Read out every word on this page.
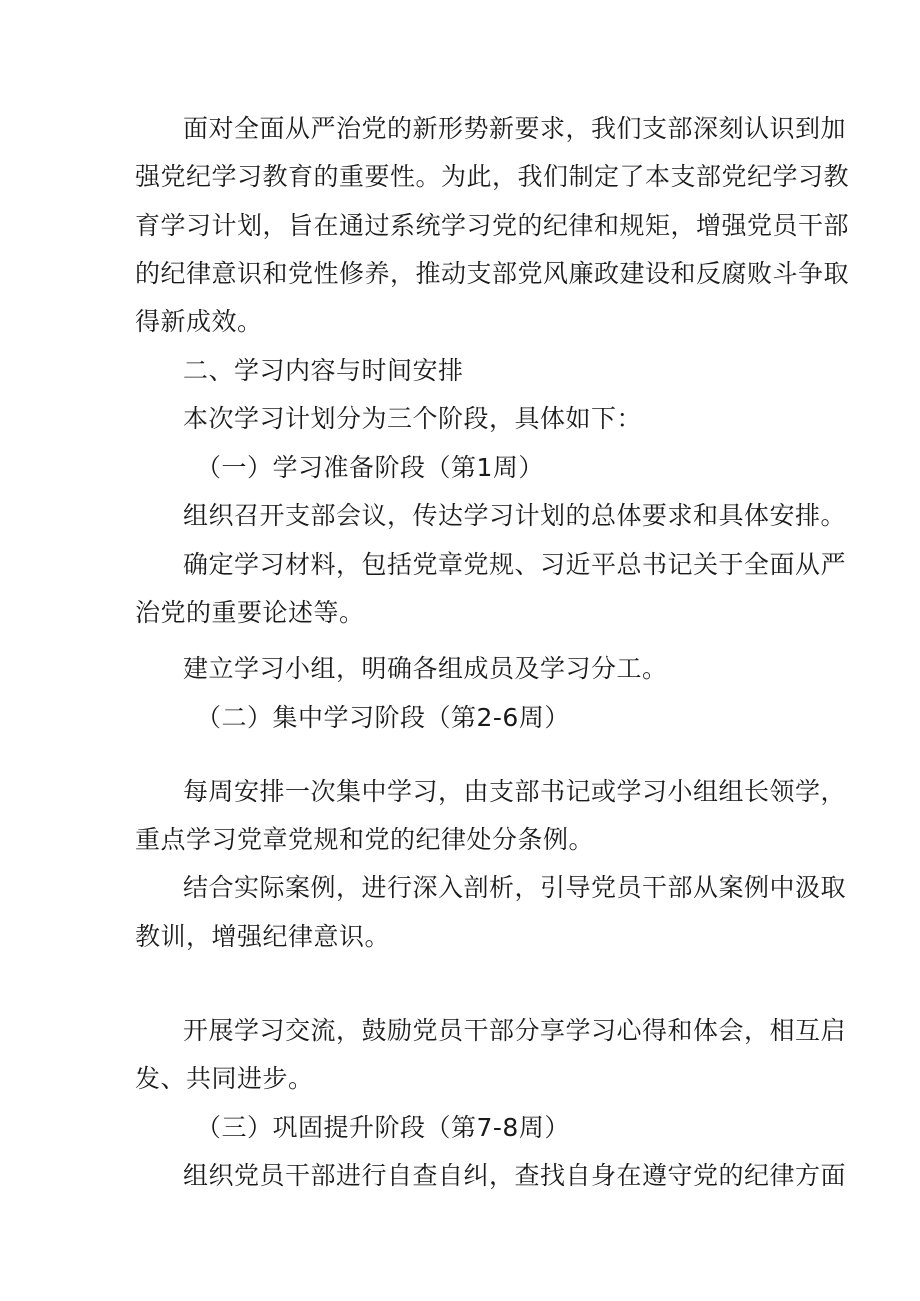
面对全面从严治党的新形势新要求，我们支部深刻认识到加
强党纪学习教育的重要性。为此，我们制定了本支部党纪学习教
育学习计划，旨在通过系统学习党的纪律和规矩，增强党员干部
的纪律意识和党性修养，推动支部党风廉政建设和反腐败斗争取
得新成效。
二、学习内容与时间安排
本次学习计划分为三个阶段，具体如下：
（一）学习准备阶段（第1周）
组织召开支部会议，传达学习计划的总体要求和具体安排。
确定学习材料，包括党章党规、习近平总书记关于全面从严
治党的重要论述等。
建立学习小组，明确各组成员及学习分工。
（二）集中学习阶段（第2-6周）
每周安排一次集中学习，由支部书记或学习小组组长领学，
重点学习党章党规和党的纪律处分条例。
结合实际案例，进行深入剖析，引导党员干部从案例中汲取
教训，增强纪律意识。
开展学习交流，鼓励党员干部分享学习心得和体会，相互启
发、共同进步。
（三）巩固提升阶段（第7-8周）
组织党员干部进行自查自纠，查找自身在遵守党的纪律方面
